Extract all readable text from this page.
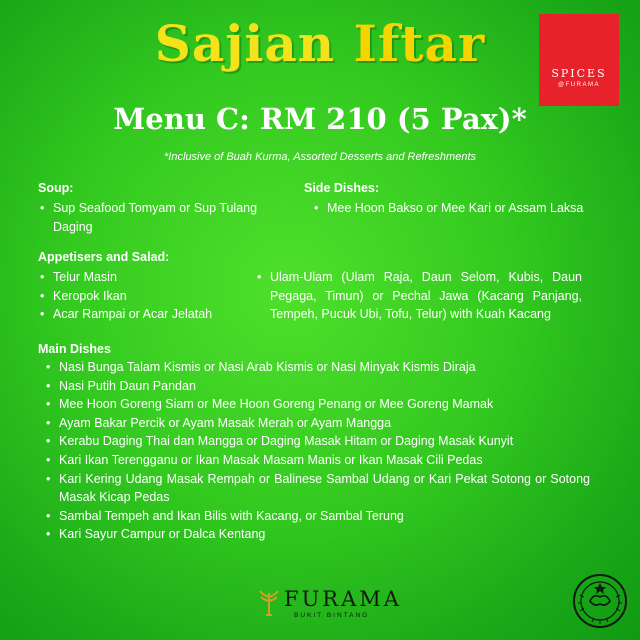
Sajian Iftar	SPICES
@FURAMA
Menu C: RM 210 (5 Pax)*
*Inclusive of Buah Kurma, Assorted Desserts and Refreshments
Soup:
• Sup Seafood Tomyam or Sup Tulang Daging
Side Dishes:
• Mee Hoon Bakso or Mee Kari or Assam Laksa
Appetisers and Salad:
• Telur Masin
• Keropok Ikan
• Acar Rampai or Acar Jelatah
• Ulam-Ulam (Ulam Raja, Daun Selom, Kubis, Daun Pegaga, Timun) or Pechal Jawa (Kacang Panjang, Tempeh, Pucuk Ubi, Tofu, Telur) with Kuah Kacang
Main Dishes
• Nasi Bunga Talam Kismis or Nasi Arab Kismis or Nasi Minyak Kismis Diraja
• Nasi Putih Daun Pandan
• Mee Hoon Goreng Siam or Mee Hoon Goreng Penang or Mee Goreng Mamak
• Ayam Bakar Percik or Ayam Masak Merah or Ayam Mangga
• Kerabu Daging Thai dan Mangga or Daging Masak Hitam or Daging Masak Kunyit
• Kari Ikan Terengganu or Ikan Masak Masam Manis or Ikan Masak Cili Pedas
• Kari Kering Udang Masak Rempah or Balinese Sambal Udang or Kari Pekat Sotong or Sotong Masak Kicap Pedas
• Sambal Tempeh and Ikan Bilis with Kacang, or Sambal Terung
• Kari Sayur Campur or Dalca Kentang
FURAMA
BUKIT BINTANG
